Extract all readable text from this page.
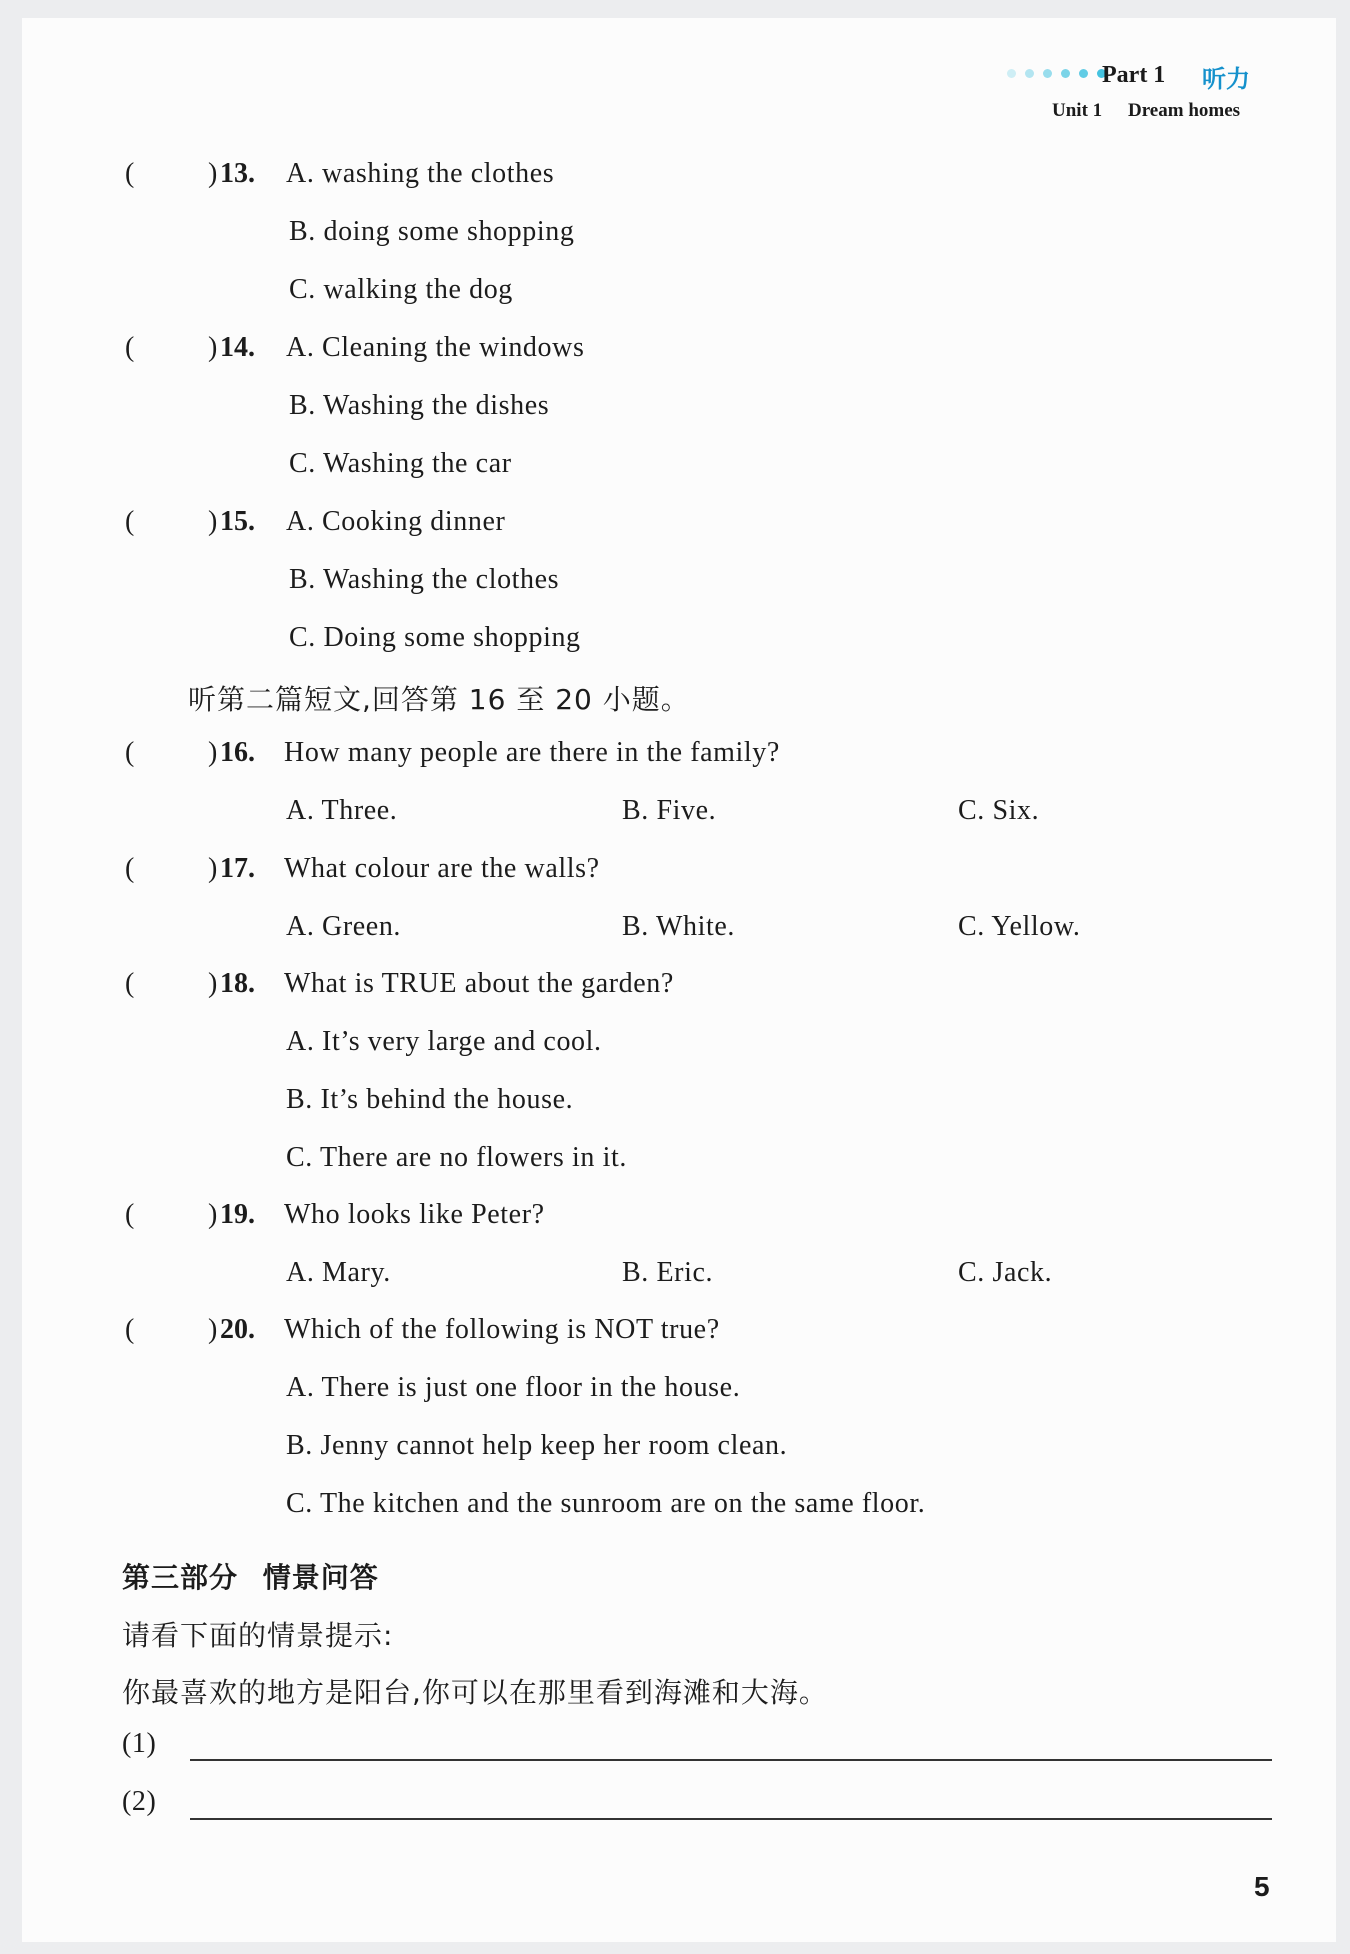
Part 1 听力
Unit 1 Dream homes
(	) 13. A. washing the clothes
B. doing some shopping
C. walking the dog
(	) 14. A. Cleaning the windows
B. Washing the dishes
C. Washing the car
(	) 15. A. Cooking dinner
B. Washing the clothes
C. Doing some shopping
听第二篇短文,回答第 16 至 20 小题。
(	) 16. How many people are there in the family?
A. Three.	B. Five.	C. Six.
(	) 17. What colour are the walls?
A. Green.	B. White.	C. Yellow.
(	) 18. What is TRUE about the garden?
A. It’s very large and cool.
B. It’s behind the house.
C. There are no flowers in it.
(	) 19. Who looks like Peter?
A. Mary.	B. Eric.	C. Jack.
(	) 20. Which of the following is NOT true?
A. There is just one floor in the house.
B. Jenny cannot help keep her room clean.
C. The kitchen and the sunroom are on the same floor.
第三部分 情景问答
请看下面的情景提示:
你最喜欢的地方是阳台,你可以在那里看到海滩和大海。
(1)
(2)
5
